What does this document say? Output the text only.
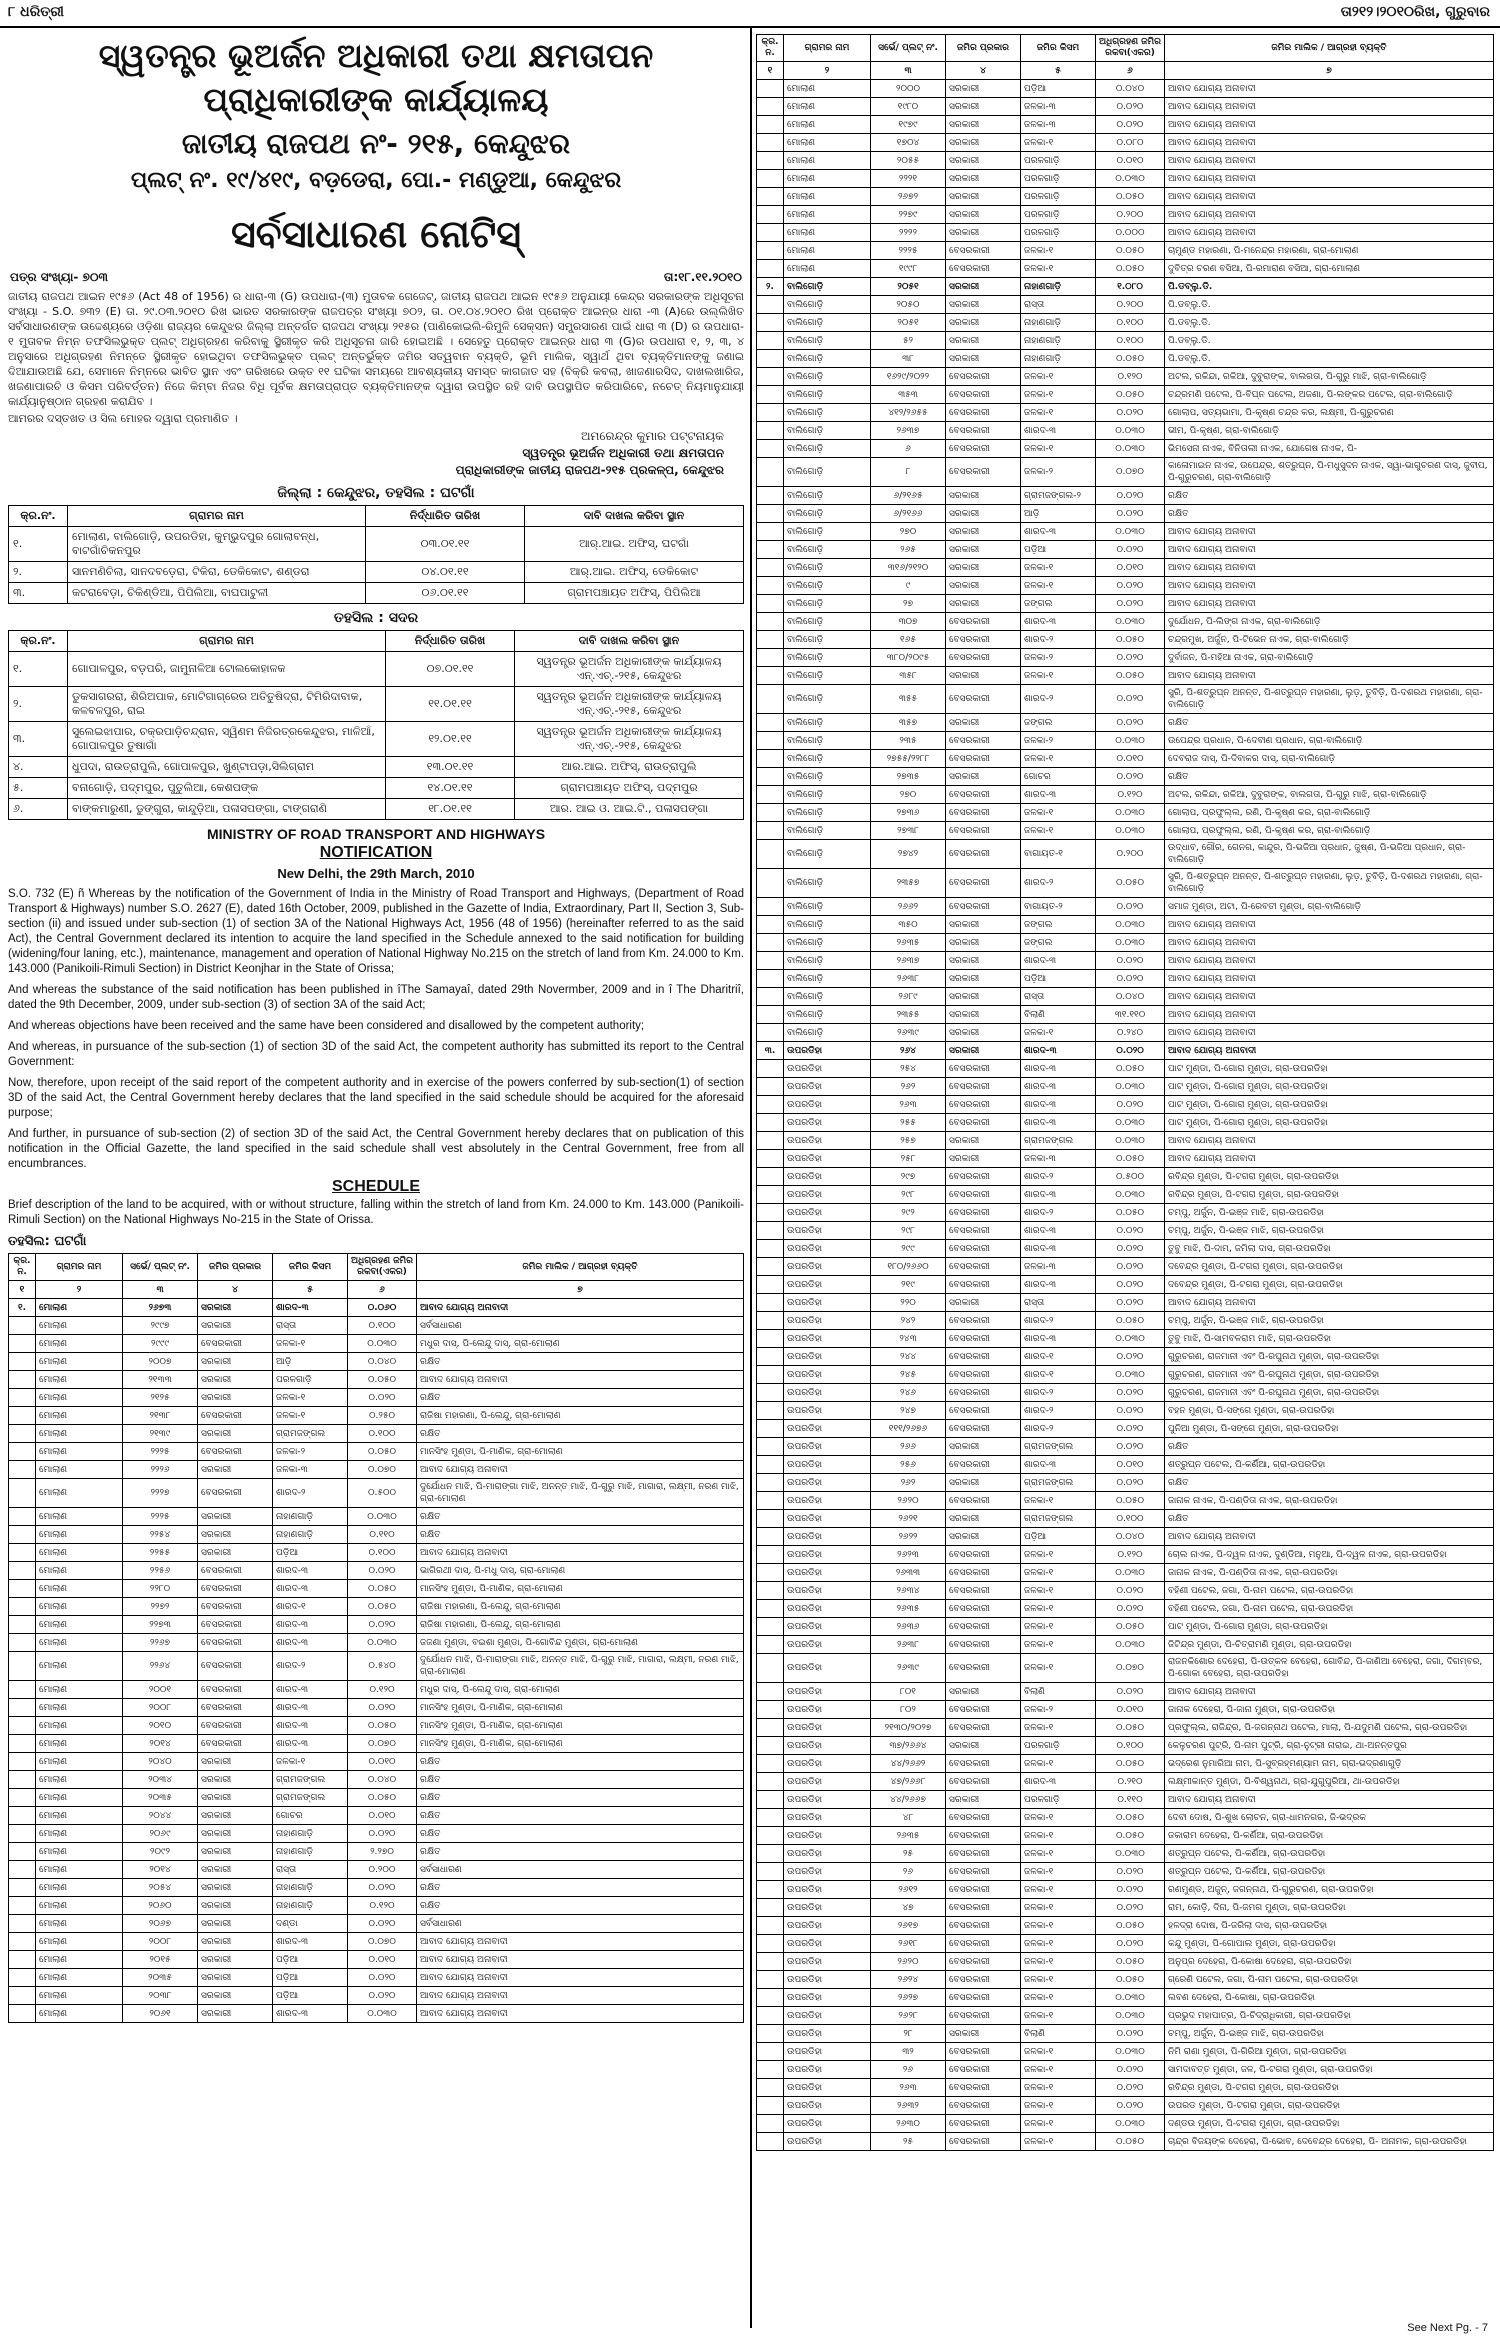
୮ ଧରିତ୍ରୀ	ତା୨୧୨।୨୦୧୦ରିଖ, ଗୁରୁବାର

ସ୍ୱତନ୍ତ୍ର ଭୂଅର୍ଜନ ଅଧିକାରୀ ତଥା କ୍ଷମତାପନ

ପ୍ରାଧିକାରୀଙ୍କ କାର୍ଯ୍ୟାଳୟ

ଜାତୀୟ ରାଜପଥ ନଂ- ୨୧୫, କେନ୍ଦୁଝର

ପ୍ଲଟ୍ ନଂ. ୧୯/୪୧୯, ବଡ଼ଡେରା, ପୋ.- ମଣ୍ଡୁଆ, କେନ୍ଦୁଝର

ସର୍ବସାଧାରଣ ନୋଟିସ୍

ପତ୍ର ସଂଖ୍ୟା- ୭୦୩	ତା:୧୮.୧୧.୨୦୧୦

ଜାତୀୟ ରାଜପଥ ଆଇନ ୧୯୫୬ (Act 48 of 1956) ର ଧାରା-୩ (G) ଉପଧାରା-(୩) ମୁତାବକ ଗେଜେଟ୍, ଜାତୀୟ ରାଜପଥ ଆଇନ ୧୯୫୬ ଅନୁଯାୟୀ କେନ୍ଦ୍ର ସରକାରଙ୍କ ଅଧିସୂଚନା ସଂଖ୍ୟା - S.O. ୭୩୨ (E) ତା. ୨୯.୦୩.୨୦୧୦ ରିଖ ଭାରତ ସରକାରଙ୍କ ରାଜପତ୍ର ସଂଖ୍ୟା ୭୦୨, ତା. ୦୧.୦୪.୨୦୧୦ ରିଖ ପ୍ରୋକ୍ତ ଆଇନ୍‌ର ଧାରା -୩ (A)ରେ ଉଲ୍ଲିଖିତ ସର୍ବସାଧାରଣଙ୍କ ଉଦ୍ଦେଶ୍ୟରେ ଓଡ଼ିଶା ରାଜ୍ୟର କେନ୍ଦୁଝର ଜିଲ୍ଲା ଅନ୍ତର୍ଗତ ରାଜପଥ ସଂଖ୍ୟା ୨୧୫ର (ପାଣିକୋଇଲି-ରିମୁଳି ସେକ୍ସନ) ସମ୍ପ୍ରସାରଣ ପାଇଁ ଧାରା ୩ (D) ର ଉପଧାରା- ୧ ମୁତାବକ ନିମ୍ନ ତଫସିଲଭୁକ୍ତ ପ୍ଲଟ୍ ଅଧିଗ୍ରହଣ କରିବାକୁ ସ୍ଥିରୀକୃତ କରି ଅଧିସୂଚନା ଜାରି ହୋଇଅଛି । ସେହେତୁ ପ୍ରୋକ୍ତ ଆଇନ୍‌ର ଧାରା ୩ (G)ର ଉପଧାରା ୧, ୨, ୩, ୪ ଅନୁସାରେ ଅଧିଗ୍ରହଣ ନିମନ୍ତେ ସ୍ଥିରୀକୃତ ହୋଇଥିବା ତଫସିଲଭୁକ୍ତ ପ୍ଲଟ୍ ଅନ୍ତର୍ଭୁକ୍ତ ଜମିର ସତ୍ୱବାନ ବ୍ୟକ୍ତି, ଭୂମି ମାଲିକ, ସ୍ୱାର୍ଥ ଥିବା ବ୍ୟକ୍ତିମାନଙ୍କୁ ଜଣାଇ ଦିଆଯାଉଅଛି ଯେ, ସେମାନେ ନିମ୍ନରେ ଭାବିତ ସ୍ଥାନ ଏବଂ ତାରିଖରେ ଉକ୍ତ ୧୧ ଘଟିକା ସମୟରେ ଆବଶ୍ୟକୀୟ ସମସ୍ତ କାଗଜାତ ସହ (ବିକ୍ରି କବଲା, ଖାଜଣାରସିଦ, ଦାଖଲଖାରିଜ, ଖଜଣାପାରଚି ଓ କିସମ ପରିବର୍ତ୍ତନ) ନିଜେ କିମ୍ବା ନିଜର ବିଧି ପୂର୍ବକ କ୍ଷମତାପ୍ରାପ୍ତ ବ୍ୟକ୍ତିମାନଙ୍କ ଦ୍ୱାରା ଉପସ୍ଥିତ ରହି ଦାବି ଉପସ୍ଥାପିତ କରିପାରିବେ, ନଚେତ୍ ନିୟମାନୁଯାୟୀ କାର୍ଯ୍ୟାନୁଷ୍ଠାନ ଗ୍ରହଣ କରାଯିବ ।

ଆମରର ଦସ୍ତଖତ ଓ ସିଲ ମୋହର ଦ୍ୱାରା ପ୍ରମାଣିତ ।

ଅମରେନ୍ଦ୍ର କୁମାର ପଟ୍ଟନାୟକ
ସ୍ୱତନ୍ତ୍ର ଭୂଅର୍ଜନ ଅଧିକାରୀ ତଥା କ୍ଷମତାପନ
ପ୍ରାଧିକାରୀଙ୍କ ଜାତୀୟ ରାଜପଥ-୨୧୫ ପ୍ରକଳ୍ପ, କେନ୍ଦୁଝର
ଜିଲ୍ଲା : କେନ୍ଦୁଝର, ତହସିଲ : ଘଟଗାଁ
କ୍ର.ନଂ.	ଗ୍ରାମର ନାମ	ନିର୍ଦ୍ଧାରିତ ତାରିଖ	ଦାବି ଦାଖଲ କରିବା ସ୍ଥାନ
୧.	ମୋଲାଣ, ବାଲିଗୋଡ଼ି, ଉପରଡିହା, କୁମ୍ଭୁଦପୁର ଗୋଲାବନ୍ଧ, ବାଟଗାଁଚିକନପୁର	୦୩.୦୧.୧୧	ଆର୍.ଆଇ. ଅଫିସ୍, ଘଟଗାଁ
୨.	ସାନମଣିଚିଲା, ସାନଦବଡ଼େରା, ଟିକିରା, ଡେକିକୋଟ, ଶଣ୍ଡରା	୦୪.୦୧.୧୧	ଆର୍.ଆଇ. ଅଫିସ୍, ଡେକିକୋଟ
୩.	କଟରାବେଡ଼ା, ଚିକିଣ୍ଡିଆ, ପିପିଲିଆ, ବାଘପାଟୁଳୀ	୦୬.୦୧.୧୧	ଗ୍ରାମପଞ୍ଚାୟତ ଅଫିସ୍, ପିପିଲିଆ
ତହସିଲ : ସଦର
କ୍ର.ନଂ.	ଗ୍ରାମର ନାମ	ନିର୍ଦ୍ଧାରିତ ତାରିଖ	ଦାବି ଦାଖଲ କରିବା ସ୍ଥାନ
୧.	ଗୋପାଳପୁର, ବଡ଼ପରି, ଜାମୁନାଳିଆ ଟୋଲକୋହାଳକ	୦୭.୦୧.୧୧	ସ୍ୱତନ୍ତ୍ର ଭୂଅର୍ଜନ ଅଧିକାରୀଙ୍କ କାର୍ଯ୍ୟାଳୟ ଏନ୍.ଏଚ୍.-୨୧୫, କେନ୍ଦୁଝର
୨.	ଡୁକସାଗରରା, ଶିରିଅପାକ, ମୋଟିଗାଗ୍ରେର ଅତିତୁଷିଦ୍ରା, ଟିମିରିଦାବାକ, କଳବଳପୁର, ରାଇ	୧୧.୦୧.୧୧	ସ୍ୱତନ୍ତ୍ର ଭୂଅର୍ଜନ ଅଧିକାରୀଙ୍କ କାର୍ଯ୍ୟାଳୟ ଏନ୍.ଏଚ୍.-୨୧୫, କେନ୍ଦୁଝର
୩.	ସୁଲେଇଝାପାର, ଚକ୍ରପାଡ଼ିଚନ୍ଦ୍ରାନ, ସ୍ୱିଣମ ନିଜିରତ୍ରକେନ୍ଦୁଝର, ମାଳିଆଁ, ଗୋପାଳପୁର ତୁଷାଗାଁ	୧୨.୦୧.୧୧	ସ୍ୱତନ୍ତ୍ର ଭୂଅର୍ଜନ ଅଧିକାରୀଙ୍କ କାର୍ଯ୍ୟାଳୟ ଏନ୍.ଏଚ୍.-୨୧୫, କେନ୍ଦୁଝର
୪.	ଧୁପଦା, ରାଉତ୍ରାପୁଲି, ଗୋପାଳପୁର, ଖୁଣ୍ଟାପଡ଼ା,ସିଲିଗ୍ରାମ	୧୩.୦୧.୧୧	ଆର.ଆଇ. ଅଫିସ୍, ରାଉତ୍ରାପୁଲି
୫.	ବନାଗୋଡ଼ି, ପଦ୍ମପୁର, ପୁତୁଲିଆ, କେଶପଙ୍କ	୧୪.୦୧.୧୧	ଗ୍ରାମପଞ୍ଚାୟତ ଅଫିସ୍, ପଦ୍ମପୁର
୬.	ବାଙ୍କମାରୁଣୀ, ଡୁଙ୍ଗୁରା, କାନ୍ଦୁଡ଼ିଆ, ପଳାସପଙ୍ଗା, ଟାଙ୍ଗରାଣି	୧୮.୦୧.୧୧	ଆର. ଆଇ ଓ. ଆଇ.ଟି., ପଳାସପଙ୍ଗା
MINISTRY OF ROAD TRANSPORT AND HIGHWAYS
NOTIFICATION
New Delhi, the 29th March, 2010

S.O. 732 (E) ñ Whereas by the notification of the Government of India in the Ministry of Road Transport and Highways, (Department of Road Transport & Highways) number S.O. 2627 (E), dated 16th October, 2009, published in the Gazette of India, Extraordinary, Part II, Section 3, Sub-section (ii) and issued under sub-section (1) of section 3A of the National Highways Act, 1956 (48 of 1956) (hereinafter referred to as the said Act), the Central Government declared its intention to acquire the land specified in the Schedule annexed to the said notification for building (widening/four laning, etc.), maintenance, management and operation of National Highway No.215 on the stretch of land from Km. 24.000 to Km. 143.000 (Panikoili-Rimuli Section) in District Keonjhar in the State of Orissa;

And whereas the substance of the said notification has been published in îThe Samayaî, dated 29th Novermber, 2009 and in î The Dharitriî, dated the 9th December, 2009, under sub-section (3) of section 3A of the said Act;

And whereas objections have been received and the same have been considered and disallowed by the competent authority;

And whereas, in pursuance of the sub-section (1) of section 3D of the said Act, the competent authority has submitted its report to the Central Government:

Now, therefore, upon receipt of the said report of the competent authority and in exercise of the powers conferred by sub-section(1) of section 3D of the said Act, the Central Government hereby declares that the land specified in the said schedule should be acquired for the aforesaid purpose;

And further, in pursuance of sub-section (2) of section 3D of the said Act, the Central Government hereby declares that on publication of this notification in the Official Gazette, the land specified in the said schedule shall vest absolutely in the Central Government, free from all encumbrances.

SCHEDULE

Brief description of the land to be acquired, with or without structure, falling within the stretch of land from Km. 24.000 to Km. 143.000 (Panikoili-Rimuli Section) on the National Highways No-215 in the State of Orissa.

ତହସିଲ: ଘଟଗାଁ
କ୍ର. ନ.	ଗ୍ରାମର ନାମ	ସର୍ଭେ/ ପ୍ଲଟ୍ ନଂ.	ଜମିର ପ୍ରକାର	ଜମିର କିସମ	ଅଧିଗ୍ରହଣ ଜମିର ରକବା(ଏକର)	ଜମିର ମାଲିକ / ଆଗ୍ରହୀ ବ୍ୟକ୍ତି
୧	୨	୩	୪	୫	୬	୭
୧.	ମୋଲାଣ	୨୬୭୩	ସରକାରୀ	ଶାରଦ-୩	୦.୦୬୦	ଆବାଦ ଯୋଗ୍ୟ ଅନାବାଦୀ
	ମୋଲାଣ	୨୯୯୭	ସରକାରୀ	ରାସ୍ତା	୦.୧୦୦	ସର୍ବସାଧାରଣ
	ମୋଲାଣ	୨୯୯୯	ବେସରକାରୀ	ଜଳକା-୧	୦.୦୩୦	ମଧୁର ଦାସ୍, ପି-ଲେନ୍ଦୁ ଦାସ୍, ଗ୍ରା-ମୋଲାଣ
	ମୋଲାଣ	୨୦୦୭	ସରକାରୀ	ଆଡ଼ି	୦.୦୪୦	ରକ୍ଷିତ
	ମୋଲାଣ	୨୧୩୩	ସରକାରୀ	ପରଳଗାଡ଼ି	୦.୦୫୦	ଆବାଦ ଯୋଗ୍ୟ ଅନାବାଦୀ
	ମୋଲାଣ	୨୧୨୫	ସରକାରୀ	ଜଳକା-୧	୦.୦୨୦	ରକ୍ଷିତ
	ମୋଲାଣ	୨୧୩୮	ବେସରକାରୀ	ଜଳକା-୧	୦.୨୫୦	ରାଜିଷା ମହାରଣା, ପି-ଲେନ୍ଦୁ, ଗ୍ରା-ମୋଲାଣ
	ମୋଲାଣ	୨୧୩୯	ସରକାରୀ	ଗ୍ରାମଜଙ୍ଗଲ	୦.୧୦୦	ରକ୍ଷିତ
	ମୋଲାଣ	୨୨୨୫	ବେସରକାରୀ	ଜଳକା-୨	୦.୦୫୦	ମାନସିଂହ ମୁଣ୍ଡା, ପି-ମାଣିକ, ଗ୍ରା-ମୋଲାଣ
	ମୋଲାଣ	୨୨୨୬	ସରକାରୀ	ଜଳକା-୩	୦.୦୭୦	ଆବାଦ ଯୋଗ୍ୟ ଅନାବାଦୀ
	ମୋଲାଣ	୨୨୨୭	ବେସରକାରୀ	ଶାରଦ-୨	୦.୫୦୦	ଦୁର୍ଯୋଧନ ମାଝି, ପି-ମାରାଙ୍ଗା ମାଝି, ଅନନ୍ତ ମାଝି, ପି-ଗୁରୁ ମାଝି, ମାଗାରା, ଲକ୍ଷ୍ମୀ, ନରଣ ମାଝି, ଗ୍ରା-ମୋଲାଣ
	ମୋଲାଣ	୨୨୨୫	ସରକାରୀ	ନାହାଣଗାଡ଼ି	୦.୦୩୦	ରକ୍ଷିତ
	ମୋଲାଣ	୨୨୫୪	ସରକାରୀ	ନାହାଣଗାଡ଼ି	୦.୧୧୦	ରକ୍ଷିତ
	ମୋଲାଣ	୨୨୫୫	ସରକାରୀ	ପଡ଼ିଆ	୦.୧୦୦	ଆବାଦ ଯୋଗ୍ୟ ଅନାବାଦୀ
	ମୋଲାଣ	୨୨୫୬	ବେସରକାରୀ	ଶାରଦ-୩	୦.୦୨୦	ଭାଗିରଥୀ ଦାସ୍, ପି-ମଧୁ ଦାସ୍, ଗ୍ରା-ମୋଲାଣ
	ମୋଲାଣ	୨୨୮୦	ବେସରକାରୀ	ଶାରଦ-୩	୦.୦୫୦	ମାନସିଂହ ମୁଣ୍ଡା, ପି-ମାଣିକ, ଗ୍ରା-ମୋଲାଣ
	ମୋଲାଣ	୨୨୭୨	ବେସରକାରୀ	ଶାରଦ-୧	୦.୦୫୦	ରାଜିଷା ମହାରଣା, ପି-ଲେନ୍ଦୁ, ଗ୍ରା-ମୋଲାଣ
	ମୋଲାଣ	୨୨୭୩	ବେସରକାରୀ	ଶାରଦ-୩	୦.୦୨୦	ରାଜିଷା ମହାରଣା, ପି-ଲେନ୍ଦୁ, ଗ୍ରା-ମୋଲାଣ
	ମୋଲାଣ	୨୨୬୭	ବେସରକାରୀ	ଶାରଦ-୩	୦.୦୩୦	ଜଜଣା ମୁଣ୍ଡା, ବଇଶା ମୁଣ୍ଡା, ପି-ଗୋବିନ୍ଦ ମୁଣ୍ଡା, ଗ୍ରା-ମୋଲାଣ
	ମୋଲାଣ	୨୨୬୪	ବେସରକାରୀ	ଶାରଦ-୨	୦.୫୪୦	ଦୁର୍ଯୋଧନ ମାଝି, ପି-ମାରାଙ୍ଗା ମାଝି, ଅନନ୍ତ ମାଝି, ପି-ଗୁରୁ ମାଝି, ମାଗାରା, ଲକ୍ଷ୍ମୀ, ନରଣ ମାଝି, ଗ୍ରା-ମୋଲାଣ
	ମୋଲାଣ	୨୦୦୧	ବେସରକାରୀ	ଶାରଦ-୩	୦.୧୨୦	ମଧୁର ଦାସ୍, ପି-ଲେନ୍ଦୁ ଦାସ୍, ଗ୍ରା-ମୋଲାଣ
	ମୋଲାଣ	୨୦୦୮	ବେସରକାରୀ	ଶାରଦ-୩	୦.୦୨୦	ମାନସିଂହ ମୁଣ୍ଡା, ପି-ମାଣିକ, ଗ୍ରା-ମୋଲାଣ
	ମୋଲାଣ	୨୦୧୦	ବେସରକାରୀ	ଶାରଦ-୩	୦.୦୫୦	ମାନସିଂହ ମୁଣ୍ଡା, ପି-ମାଣିକ, ଗ୍ରା-ମୋଲାଣ
	ମୋଲାଣ	୨୦୧୪	ବେସରକାରୀ	ଶାରଦ-୩	୦.୦୭୦	ମାନସିଂହ ମୁଣ୍ଡା, ପି-ମାଣିକ, ଗ୍ରା-ମୋଲାଣ
	ମୋଲାଣ	୨୦୪୦	ସରକାରୀ	ଜଳକା-୧	୦.୦୧୦	ରକ୍ଷିତ
	ମୋଲାଣ	୨୦୩୪	ସରକାରୀ	ଗ୍ରାମଜଙ୍ଗଲ	୦.୦୪୦	ରକ୍ଷିତ
	ମୋଲାଣ	୨୦୩୫	ସରକାରୀ	ଗ୍ରାମଜଙ୍ଗଲ	୦.୦୫୦	ରକ୍ଷିତ
	ମୋଲାଣ	୨୦୪୪	ସରକାରୀ	ଗୋଚର	୦.୦୧୦	ରକ୍ଷିତ
	ମୋଲାଣ	୨୦୬୯	ସରକାରୀ	ନାହାଣଗାଡ଼ି	୦.୦୨୦	ରକ୍ଷିତ
	ମୋଲାଣ	୨୦୯୨	ସରକାରୀ	ନାହାଣଗାଡ଼ି	୨.୨୭୦	ରକ୍ଷିତ
	ମୋଲାଣ	୨୦୧୪	ସରକାରୀ	ରାସ୍ତା	୦.୨୦୦	ସର୍ବସାଧାରଣ
	ମୋଲାଣ	୨୦୫୪	ସରକାରୀ	ନାହାଣଗାଡ଼ି	୦.୦୨୦	ରକ୍ଷିତ
	ମୋଲାଣ	୨୦୬୦	ସରକାରୀ	ନାହାଣଗାଡ଼ି	୦.୧୨୦	ରକ୍ଷିତ
	ମୋଲାଣ	୨୦୬୭	ସରକାରୀ	ଦଣ୍ଡା	୦.୦୨୦	ସର୍ବସାଧାରଣ
	ମୋଲାଣ	୨୦୦୮	ସରକାରୀ	ଶାରଦ-୩	୦.୦୭୦	ଆବାଦ ଯୋଗ୍ୟ ଅନାବାଦୀ
	ମୋଲାଣ	୨୦୧୫	ସରକାରୀ	ପଡ଼ିଆ	୦.୦୧୦	ଆବାଦ ଯୋଗ୍ୟ ଅନାବାଦୀ
	ମୋଲାଣ	୨୦୩୫	ସରକାରୀ	ପଡ଼ିଆ	୦.୦୨୦	ଆବାଦ ଯୋଗ୍ୟ ଅନାବାଦୀ
	ମୋଲାଣ	୨୦୩୮	ସରକାରୀ	ପଡ଼ିଆ	୦.୦୨୦	ଆବାଦ ଯୋଗ୍ୟ ଅନାବାଦୀ
	ମୋଲାଣ	୨୦୬୧	ସରକାରୀ	ଶାରଦ-୩	୦.୦୩୦	ଆବାଦ ଯୋଗ୍ୟ ଅନାବାଦୀ
କ୍ର. ନ.	ଗ୍ରାମର ନାମ	ସର୍ଭେ/ ପ୍ଲଟ୍ ନଂ.	ଜମିର ପ୍ରକାର	ଜମିର କିସମ	ଅଧିଗ୍ରହଣ ଜମିର ରକବା(ଏକର)	ଜମିର ମାଲିକ / ଆଗ୍ରହୀ ବ୍ୟକ୍ତି
୧	୨	୩	୪	୫	୬	୭
	ମୋଲାଣ	୨୦୦୦	ସରକାରୀ	ପଡ଼ିଆ	୦.୦୪୦	ଆବାଦ ଯୋଗ୍ୟ ଅନାବାଦୀ
	ମୋଲାଣ	୧୯୮୦	ସରକାରୀ	ଜଳକା-୩	୦.୦୨୦	ଆବାଦ ଯୋଗ୍ୟ ଅନାବାଦୀ
	ମୋଲାଣ	୧୯୭୯	ସରକାରୀ	ଜଳକା-୩	୦.୦୨୦	ଆବାଦ ଯୋଗ୍ୟ ଅନାବାଦୀ
	ମୋଲାଣ	୧୭୦୪	ସରକାରୀ	ଜଳକା-୧	୦.୦୮୦	ଆବାଦ ଯୋଗ୍ୟ ଅନାବାଦୀ
	ମୋଲାଣ	୨୦୫୫	ସରକାରୀ	ପରଳଗାଡ଼ି	୦.୦୧୦	ଆବାଦ ଯୋଗ୍ୟ ଅନାବାଦୀ
	ମୋଲାଣ	୨୨୨୧	ସରକାରୀ	ପରଳଗାଡ଼ି	୦.୦୩୦	ଆବାଦ ଯୋଗ୍ୟ ଅନାବାଦୀ
	ମୋଲାଣ	୨୬୭୨	ସରକାରୀ	ପରଳଗାଡ଼ି	୦.୦୫୦	ଆବାଦ ଯୋଗ୍ୟ ଅନାବାଦୀ
	ମୋଲାଣ	୨୨୭୯	ସରକାରୀ	ପରଳଗାଡ଼ି	୦.୨୦୦	ଆବାଦ ଯୋଗ୍ୟ ଅନାବାଦୀ
	ମୋଲାଣ	୨୨୨୨	ସରକାରୀ	ପରଳଗାଡ଼ି	୦.୦୦୦	ଆବାଦ ଯୋଗ୍ୟ ଅନାବାଦୀ
	ମୋଲାଣ	୨୨୨୫	ବେସରକାରୀ	ଜଳକା-୧	୦.୦୫୦	ଚାମୁଣ୍ଡ ମହାରଣା, ପି-ମନେନ୍ଦ୍ର ମହାରଣା, ଗ୍ରା-ମୋଲାଣ
	ମୋଲାଣ	୧୯୯୮	ବେସରକାରୀ	ଜଳକା-୧	୦.୦୫୦	ଦୁବିତ୍ର ଚରଣ ବସିଆ, ପି-ରମାରାଣ ବସିଆ, ଗ୍ରା-ମୋଲାଣ
୨.	ବାଲିଗୋଡ଼ି	୨୦୫୧	ସରକାରୀ	ନାହାଣଗାଡ଼ି	୧.୦୮୦	ପି.ଡବ୍ଲୁ.ଡି.
	ବାଲିଗୋଡ଼ି	୨୦୫୦	ସରକାରୀ	ରାସ୍ତା	୦.୨୦୦	ପି.ଡବ୍ଲୁ.ଡି.
	ବାଲିଗୋଡ଼ି	୨୦୫୧	ସରକାରୀ	ନାହାଣଗାଡ଼ି	୦.୧୦୦	ପି.ଡବ୍ଲୁ.ଡି.
	ବାଲିଗୋଡ଼ି	୫୨	ସରକାରୀ	ନାହାଣଗାଡ଼ି	୦.୧୦୦	ପି.ଡବ୍ଲୁ.ଡି.
	ବାଲିଗୋଡ଼ି	୩୮	ସରକାରୀ	ନାହାଣଗାଡ଼ି	୦.୦୫୦	ପି.ଡବ୍ଲୁ.ଡି.
	ବାଲିଗୋଡ଼ି	୧୬୨୯/୨୦୨୨	ବେସରକାରୀ	ଜଳକା-୧	୦.୧୨୦	ଅଟଲ, ରକିନ୍ଦା, ରକିଆ, ଦୁବୁରାଙ୍କ, ବାଲଗତା, ପି-ଗୁରୁ ମାଝି, ଗ୍ରା-ବାଲିଗୋଡ଼ି
	ବାଲିଗୋଡ଼ି	୩୫୩	ବେସରକାରୀ	ଜଳକା-୧	୦.୦୫୦	ଚନ୍ଦ୍ରମଣି ପଟେଲ, ପି-ବିଘ୍ନ ପଟେଲ, ଅଜଣା, ପି-ଲଙ୍କର ପଟେଲ, ଗ୍ରା-ବାଲିଗୋଡ଼ି
	ବାଲିଗୋଡ଼ି	୪୧୨/୨୬୫୫	ବେସରକାରୀ	ଜଳକା-୧	୦.୦୨୦	ଗୋଲାପ, ସତ୍ୟଭାମା, ପି-କୃଷ୍ଣ ଚନ୍ଦ୍ର କର, ଲକ୍ଷ୍ମୀ, ପି-ଗୁରୁଚରଣ
	ବାଲିଗୋଡ଼ି	୨୬୩୭	ବେସରକାରୀ	ଶାରଦ-୩	୦.୦୩୦	ଭୀମ, ପି-କୃଷ୍ଣ, ଗ୍ରା-ବାଲିଗୋଡ଼ି
	ବାଲିଗୋଡ଼ି	୬	ବେସରକାରୀ	ଜଳକା-୧	୦.୦୩୦	ଭିମସେନା ନାଏକ, ବିନିତାଲୀ ନାଏକ, ଯୋଗେଷ ନାଏକ, ପି-
	ବାଲିଗୋଡ଼ି	୮	ବେସରକାରୀ	ଜଳକା-୨	୦.୦୭୦	କାଳୋମାଇନ ନାଏକ, ଉପେନ୍ଦ୍ର, ଶତ୍ରୁଘ୍ନ, ପି-ମଧୁସୁଦନ ନାଏକ, ସ୍ୱା-ଭାଗୁଚରଣ ଦାସ୍, ଜୁବୀପ, ପି-ଗୁରୁଚରଣ, ଗ୍ରା-ବାଲିଗୋଡ଼ି
	ବାଲିଗୋଡ଼ି	୬/୨୧୬୫	ସରକାରୀ	ଗ୍ରାମଜଙ୍ଗଲ-୨	୦.୦୨୦	ରକ୍ଷିତ
	ବାଲିଗୋଡ଼ି	୬/୨୧୬୬	ସରକାରୀ	ଆଡ଼ି	୦.୦୨୦	ରକ୍ଷିତ
	ବାଲିଗୋଡ଼ି	୨୭୦	ସରକାରୀ	ଶାରଦ-୩	୦.୦୩୦	ଆବାଦ ଯୋଗ୍ୟ ଅନାବାଦୀ
	ବାଲିଗୋଡ଼ି	୨୬୫	ସରକାରୀ	ପଡ଼ିଆ	୦.୦୨୦	ଆବାଦ ଯୋଗ୍ୟ ଅନାବାଦୀ
	ବାଲିଗୋଡ଼ି	୩୧୬/୨୧୨୦	ସରକାରୀ	ଜଳକା-୧	୦.୦୧୦	ଆବାଦ ଯୋଗ୍ୟ ଅନାବାଦୀ
	ବାଲିଗୋଡ଼ି	୯	ସରକାରୀ	ଜଳକା-୧	୦.୦୨୦	ଆବାଦ ଯୋଗ୍ୟ ଅନାବାଦୀ
	ବାଲିଗୋଡ଼ି	୨୭	ସରକାରୀ	ଜଙ୍ଗଲ	୦.୦୨୦	ଆବାଦ ଯୋଗ୍ୟ ଅନାବାଦୀ
	ବାଲିଗୋଡ଼ି	୩୦୭	ବେସରକାରୀ	ଶାରଦ-୩	୦.୦୩୦	ଦୁର୍ଯୋଧନ, ପି-ଲିଙ୍ଗ ନାଏକ, ଗ୍ରା-ବାଲିଗୋଡ଼ି
	ବାଲିଗୋଡ଼ି	୧୬୫	ବେସରକାରୀ	ଶାରଦ-୨	୦.୦୫୦	ଚନ୍ଦ୍ରମୁଖ, ଅର୍ଜୁନ, ପି-ଟିଭେନ ନାଏକ, ଗ୍ରା-ବାଲିଗୋଡ଼ି
	ବାଲିଗୋଡ଼ି	୩୮୦/୨୦୯୫	ବେସରକାରୀ	ଜଳକା-୨	୦.୦୨୦	ଦୁର୍ବାଜନ, ପି-ମହିଆ ନାଏକ, ଗ୍ରା-ବାଲିଗୋଡ଼ି
	ବାଲିଗୋଡ଼ି	୩୫୮	ସରକାରୀ	ଜଳକା-୧	୦.୦୫୦	ଆବାଦ ଯୋଗ୍ୟ ଅନାବାଦୀ
	ବାଲିଗୋଡ଼ି	୩୫୫	ବେସରକାରୀ	ଶାରଦ-୨	୦.୦୨୦	ସୁରି, ପି-ଶତ୍ରୁଘ୍ନ ଅନନ୍ତ, ପି-ଶତ୍ରୁଘ୍ନ ମହାରଣା, ଲୁଡ଼, ତୁବିଡ଼ି, ପି-ଦଶରଥ ମହାରଣା, ଗ୍ରା-ବାଲିଗୋଡ଼ି
	ବାଲିଗୋଡ଼ି	୩୫୭	ସରକାରୀ	ଜଙ୍ଗଲ	୦.୦୨୦	ରକ୍ଷିତ
	ବାଲିଗୋଡ଼ି	୨୩୫	ବେସରକାରୀ	ଜଳକା-୨	୦.୦୩୦	ଉପେନ୍ଦ୍ର ପ୍ରଧାନ, ପି-ଦେବୀଣ ପ୍ରଧାନ, ଗ୍ରା-ବାଲିଗୋଡ଼ି
	ବାଲିଗୋଡ଼ି	୨୭୫୫/୨୨୮୮	ବେସରକାରୀ	ଜଳକା-୧	୦.୦୧୦	ଦେବରାଜ ଦାସ୍, ପି-ଦିବାକର ଦାସ୍, ଗ୍ରା-ବାଲିଗୋଡ଼ି
	ବାଲିଗୋଡ଼ି	୨୭୩୫	ସରକାରୀ	ଗୋଚର	୦.୦୨୦	ରକ୍ଷିତ
	ବାଲିଗୋଡ଼ି	୨୭୦	ବେସରକାରୀ	ଶାରଦ-୩	୦.୧୨୦	ଅଟଲ, ରକିନ୍ଦା, ରକିଆ, ଦୁବୁରାଙ୍କ, ବାଲଗତା, ପି-ଗୁରୁ ମାଝି, ଗ୍ରା-ବାଲିଗୋଡ଼ି
	ବାଲିଗୋଡ଼ି	୨୭୩୬	ବେସରକାରୀ	ଜଳକା-୧	୦.୦୩୦	ଗୋଲାପ, ପ୍ରଫୁଲ୍ଲ, ରଣି, ପି-କୃଷ୍ଣ କର, ଗ୍ରା-ବାଲିଗୋଡ଼ି
	ବାଲିଗୋଡ଼ି	୨୭୩୮	ବେସରକାରୀ	ଜଳକା-୧	୦.୦୩୦	ଗୋଲାପ, ପ୍ରଫୁଲ୍ଲ, ରଣି, ପି-କୃଷ୍ଣ କର, ଗ୍ରା-ବାଲିଗୋଡ଼ି
	ବାଲିଗୋଡ଼ି	୨୭୪୨	ବେସରକାରୀ	ବାଗାୟତ-୧	୦.୨୦୦	ଉଦ୍ଧାବ, ଗୌର, ଗେନଗ, କାନ୍ଦୁର, ପି-ଭଜିଆ ପ୍ରଧାନ, ଜୁଷ୍ଣ, ପି-ଭଜିଆ ପ୍ରଧାନ, ଗ୍ରା-ବାଲିଗୋଡ଼ି
	ବାଲିଗୋଡ଼ି	୨୩୫୭	ବେସରକାରୀ	ଶାରଦ-୨	୦.୦୫୦	ସୁରି, ପି-ଶତ୍ରୁଘ୍ନ ଅନନ୍ତ, ପି-ଶତ୍ରୁଘ୍ନ ମହାରଣା, ଲୁଡ଼, ତୁବିଡ଼ି, ପି-ଦଶରଥ ମହାରଣା, ଗ୍ରା-ବାଲିଗୋଡ଼ି
	ବାଲିଗୋଡ଼ି	୨୬୬୨	ବେସରକାରୀ	ବାଗାୟତ-୨	୦.୦୨୦	ସମାଜ ମୁଣ୍ଡା, ଅଟା, ପି-ରେବତୀ ମୁଣ୍ଡା, ଗ୍ରା-ବାଲିଗୋଡ଼ି
	ବାଲିଗୋଡ଼ି	୩୫୦	ସରକାରୀ	ଜଙ୍ଗଲ	୦.୦୩୦	ଆବାଦ ଯୋଗ୍ୟ ଅନାବାଦୀ
	ବାଲିଗୋଡ଼ି	୨୬୩୫	ସରକାରୀ	ଜଙ୍ଗଲ	୦.୦୩୦	ଆବାଦ ଯୋଗ୍ୟ ଅନାବାଦୀ
	ବାଲିଗୋଡ଼ି	୨୬୩୭	ସରକାରୀ	ଶାରଦ-୩	୦.୦୨୦	ଆବାଦ ଯୋଗ୍ୟ ଅନାବାଦୀ
	ବାଲିଗୋଡ଼ି	୨୬୩୮	ସରକାରୀ	ପଡ଼ିଆ	୦.୦୨୦	ଆବାଦ ଯୋଗ୍ୟ ଅନାବାଦୀ
	ବାଲିଗୋଡ଼ି	୨୬୮୯	ସରକାରୀ	ରାସ୍ତା	୦.୦୪୦	ଆବାଦ ଯୋଗ୍ୟ ଅନାବାଦୀ
	ବାଲିଗୋଡ଼ି	୨୩୫୫	ସରକାରୀ	ବିଲାଣି	୩୧.୧୧୦	ଆବାଦ ଯୋଗ୍ୟ ଅନାବାଦୀ
	ବାଲିଗୋଡ଼ି	୨୬୩୯	ସରକାରୀ	ଜଳକା-୧	୦.୨୪୦	ଆବାଦ ଯୋଗ୍ୟ ଅନାବାଦୀ
୩.	ଉପରଡିହା	୨୬୪	ସରକାରୀ	ଶାରଦ-୩	୦.୦୨୦	ଆବାଦ ଯୋଗ୍ୟ ଅନାବାଦୀ
	ଉପରଡିହା	୨୫୪	ବେସରକାରୀ	ଶାରଦ-୩	୦.୦୫୦	ପାଟ ମୁଣ୍ଡା, ପି-ଗୋରା ମୁଣ୍ଡା, ଗ୍ରା-ଉପରଡିହା
	ଉପରଡିହା	୨୬୨	ବେସରକାରୀ	ଶାରଦ-୩	୦.୦୩୦	ପାଟ ମୁଣ୍ଡା, ପି-ଗୋରା ମୁଣ୍ଡା, ଗ୍ରା-ଉପରଡିହା
	ଉପରଡିହା	୨୬୩	ବେସରକାରୀ	ଶାରଦ-୩	୦.୦୨୦	ପାଟ ମୁଣ୍ଡା, ପି-ଗୋରା ମୁଣ୍ଡା, ଗ୍ରା-ଉପରଡିହା
	ଉପରଡିହା	୨୫୫	ବେସରକାରୀ	ଶାରଦ-୩	୦.୦୩୦	ପାଟ ମୁଣ୍ଡା, ପି-ଗୋରା ମୁଣ୍ଡା, ଗ୍ରା-ଉପରଡିହା
	ଉପରଡିହା	୨୫୭	ସରକାରୀ	ଗ୍ରାମଜଙ୍ଗଲ	୦.୦୩୦	ଆବାଦ ଯୋଗ୍ୟ ଅନାବାଦୀ
	ଉପରଡିହା	୨୫୮	ସରକାରୀ	ଜଳକା-୩	୦.୦୫୦	ଆବାଦ ଯୋଗ୍ୟ ଅନାବାଦୀ
	ଉପରଡିହା	୨୯୭	ବେସରକାରୀ	ଶାରଦ-୨	୦.୫୦୦	ରବିନ୍ଦ୍ର ମୁଣ୍ଡା, ପି-ଟଗରା ମୁଣ୍ଡା, ଗ୍ରା-ଉପରଡିହା
	ଉପରଡିହା	୨୯୮	ବେସରକାରୀ	ଶାରଦ-୩	୦.୦୩୦	ରବିନ୍ଦ୍ର ମୁଣ୍ଡା, ପି-ଟଗରା ମୁଣ୍ଡା, ଗ୍ରା-ଉପରଡିହା
	ଉପରଡିହା	୨୯୨	ବେସରକାରୀ	ଶାରଦ-୨	୦.୦୫୦	ଚମ୍ପୁ, ଅର୍ଜୁନ, ପି-ଇଞ୍ଜ ମାଝି, ଗ୍ରା-ଉପରଡିହା
	ଉପରଡିହା	୨୯୮	ବେସରକାରୀ	ଶାରଦ-୩	୦.୦୨୦	ଚମ୍ପୁ, ଅର୍ଜୁନ, ପି-ଇଞ୍ଜ ମାଝି, ଗ୍ରା-ଉପରଡିହା
	ଉପରଡିହା	୨୯୯	ବେସରକାରୀ	ଶାରଦ-୩	୦.୦୨୦	ତୁବୁ ମାଝି, ପି-ଦାମ, ଜମିଲା ଦାସ, ଗ୍ରା-ଉପରଡିହା
	ଉପରଡିହା	୧୮୦/୨୬୬୦	ବେସରକାରୀ	ଜଳକା-୩	୦.୦୨୦	ଦବେନ୍ଦ୍ର ମୁଣ୍ଡା, ପି-ଟଗରା ମୁଣ୍ଡା, ଗ୍ରା-ଉପରଡିହା
	ଉପରଡିହା	୨୧୯	ବେସରକାରୀ	ଶାରଦ-୩	୦.୦୨୦	ଦବେନ୍ଦ୍ର ମୁଣ୍ଡା, ପି-ଟଗରା ମୁଣ୍ଡା, ଗ୍ରା-ଉପରଡିହା
	ଉପରଡିହା	୨୨୦	ସରକାରୀ	ରାସ୍ତା	୦.୦୨୦	ଆବାଦ ଯୋଗ୍ୟ ଅନାବାଦୀ
	ଉପରଡିହା	୨୪୨	ବେସରକାରୀ	ଶାରଦ-୨	୦.୦୫୦	ଚମ୍ପୁ, ଅର୍ଜୁନ, ପି-ଇଞ୍ଜ ମାଝି, ଗ୍ରା-ଉପରଡିହା
	ଉପରଡିହା	୨୪୩	ବେସରକାରୀ	ଶାରଦ-୩	୦.୦୩୦	ତୁବୁ ମାଝି, ପି-ସାମବଳରାମ ମାଝି, ଗ୍ରା-ଉପରଡିହା
	ଉପରଡିହା	୨୪୪	ବେସରକାରୀ	ଶାରଦ-୧	୦.୦୨୦	ଗୁରୁଚରଣ, ରାଜମାନୀ ଏବଂ ପି-ରଘୁନାଥ ମୁଣ୍ଡା, ଗ୍ରା-ଉପରଡିହା
	ଉପରଡିହା	୨୪୫	ବେସରକାରୀ	ଶାରଦ-୧	୦.୦୩୦	ଗୁରୁଚରଣ, ରାଜମାନୀ ଏବଂ ପି-ରଘୁନାଥ ମୁଣ୍ଡା, ଗ୍ରା-ଉପରଡିହା
	ଉପରଡିହା	୨୪୬	ବେସରକାରୀ	ଶାରଦ-୨	୦.୦୨୦	ଗୁରୁଚରଣ, ରାଜମାନୀ ଏବଂ ପି-ରଘୁନାଥ ମୁଣ୍ଡା, ଗ୍ରା-ଉପରଡିହା
	ଉପରଡିହା	୨୪୭	ବେସରକାରୀ	ଶାରଦ-୨	୦.୦୨୦	ବହନ ମୁଣ୍ଡା, ପି-ସଙ୍ଗେ ମୁଣ୍ଡା, ଗ୍ରା-ଉପରଡିହା
	ଉପରଡିହା	୧୧୧/୨୬୭୬	ବେସରକାରୀ	ଶାରଦ-୨	୦.୦୨୦	ପୁନିଆ ମୁଣ୍ଡା, ପି-ସଙ୍ଗେ ମୁଣ୍ଡା, ଗ୍ରା-ଉପରଡିହା
	ଉପରଡିହା	୨୬୬	ସରକାରୀ	ଗ୍ରାମଜଙ୍ଗଲ	୦.୦୨୦	ରକ୍ଷିତ
	ଉପରଡିହା	୨୫୬	ବେସରକାରୀ	ଶାରଦ-୩	୦.୦୧୦	ଶତ୍ରୁଘ୍ନ ପଟେଲ, ପି-କର୍ଣିଆ, ଗ୍ରା-ଉପରଡିହା
	ଉପରଡିହା	୨୬୨	ସରକାରୀ	ଗ୍ରାମଜଙ୍ଗଲ	୦.୦୨୦	ରକ୍ଷିତ
	ଉପରଡିହା	୨୬୨୦	ବେସରକାରୀ	ଜଳକା-୧	୦.୦୫୦	ଜାନାକ ନାଏକ, ପି-ପଣ୍ଡିତା ନାଏକ, ଗ୍ରା-ଉପରଡିହା
	ଉପରଡିହା	୨୬୨୧	ସରକାରୀ	ଗ୍ରାମଜଙ୍ଗଲ	୦.୧୦୦	ରକ୍ଷିତ
	ଉପରଡିହା	୨୬୨୨	ସରକାରୀ	ପଡ଼ିଆ	୦.୦୪୦	ଆବାଦ ଯୋଗ୍ୟ ଅନାବାଦୀ
	ଉପରଡିହା	୨୬୨୩	ବେସରକାରୀ	ଜଳକା-୧	୦.୧୨୦	ଚୋଲ ନାଏକ, ପି-ଦ୍ୱଳ ନାଏକ, ଦୁଣ୍ଡିଆ, ମନୁଆ, ପି-ଦ୍ୱଳ ନାଏକ, ଗ୍ରା-ଉପରଡିହା
	ଉପରଡିହା	୨୬୩୩	ବେସରକାରୀ	ଜଳକା-୧	୦.୦୩୦	ଜାନାକ ନାଏକ, ପି-ପଣ୍ଡିତା ନାଏକ, ଗ୍ରା-ଉପରଡିହା
	ଉପରଡିହା	୨୬୩୪	ବେସରକାରୀ	ଜଳକା-୧	୦.୦୨୦	ବହିଣୀ ପଟେଲ, ଜଗା, ପି-ନାମ ପଟେଲ, ଗ୍ରା-ଉପରଡିହା
	ଉପରଡିହା	୨୬୩୫	ବେସରକାରୀ	ଜଳକା-୧	୦.୦୨୦	ବହିଣୀ ପଟେଲ, ଜଗା, ପି-ନାମ ପଟେଲ, ଗ୍ରା-ଉପରଡିହା
	ଉପରଡିହା	୨୬୩୬	ବେସରକାରୀ	ଜଳକା-୧	୦.୦୫୦	ପାଟ ମୁଣ୍ଡା, ପି-ଗୋରା ମୁଣ୍ଡା, ଗ୍ରା-ଉପରଡିହା
	ଉପରଡିହା	୨୬୩୮	ବେସରକାରୀ	ଜଳକା-୧	୦.୦୩୦	ଜିଟିନ୍ଦ୍ର ମୁଣ୍ଡା, ପି-ଚିତ୍ରାମଣି ମୁଣ୍ଡା, ଗ୍ରା-ଉପରଡିହା
	ଉପରଡିହା	୨୬୩୯	ବେସରକାରୀ	ଜଳକା-୧	୦.୦୭୦	ରାଜନକିଶୋର ଦେହେରା, ପି-ଉତ୍କଳ ବେହେରା, ଗୋବିନ୍ଦ, ପି-ଜାଣିଆ ବେହେରା, ଜଗା, ଦିଗମ୍ବର, ପି-ଗୋକା ବେହେରା, ଗ୍ରା-ଉପରଡିହା
	ଉପରଡିହା	୮୦୧	ସରକାରୀ	ବିଲାଣି	୦.୦୨୦	ଆବାଦ ଯୋଗ୍ୟ ଅନାବାଦୀ
	ଉପରଡିହା	୮୦୨	ବେସରକାରୀ	ଜଳକା-୨	୦.୦୧୦	ଜାନାକ ଦେହେରା, ପି-ଜାନା ମୁଣ୍ଡା, ଗ୍ରା-ଉପରଡିହା
	ଉପରଡିହା	୨୧୩୦/୨୦୨୭	ବେସରକାରୀ	ଜଳକା-୧	୦.୦୫୦	ପ୍ରଫୁଲ୍ଲ, ରାଜିନ୍ଦ୍ର, ପି-ଜଗନ୍ନାଥ ପଟେଲ, ମାଲା, ପି-ଯଦୁମଣି ପଟେଲ, ଗ୍ରା-ଉପରଡିହା
	ଉପରଡିହା	୩୭/୨୬୬୪	ସରକାରୀ	ପରଳଗାଡ଼ି	୦.୧୦୦	କେଳୁଚରଣ ପୁଟ୍ରି, ପି-ନାମ ପୁଟ୍ରି, ଗ୍ରା-ନୁଟ୍ରୀ ନାରାଇ, ଥା-ଅନନ୍ତପୁର
	ଉପରଡିହା	୪୪/୨୬୬୨	ବେସରକାରୀ	ଜଳକା-୧	୦.୦୫୦	ଭଦ୍ରେଶ ନୁମାରିଆ ନାମ, ପି-ସୁବ୍ରହ୍ମଣ୍ୟାମ ନାମ, ଗ୍ରା-ଭଦ୍ରଣାଗୁଡ଼ି
	ଉପରଡିହା	୪୭/୨୬୬୮	ବେସରକାରୀ	ଶାରଦ-୩	୦.୨୧୦	ଲକ୍ଷ୍ମୀକାନ୍ତ ମୁଣ୍ଡା, ପି-ବିଶ୍ୱନାଥ, ଗ୍ରା-ଯୁଗୁପୁରିଆ, ଥା-ଉପରଡିହା
	ଉପରଡିହା	୪୪/୨୬୬୭	ସରକାରୀ	ପରଳଗାଡ଼ି	୦.୧୧୦	ଆବାଦ ଯୋଗ୍ୟ ଅନାବାଦୀ
	ଉପରଡିହା	୪୮	ବେସରକାରୀ	ଜଳକା-୧	୦.୦୫୦	ଦେବୀ ଦୋଷ, ପି-ଶୁଖ ଲୋଚନ, ଗ୍ରା-ଧାମନଗର, ଜି-ଭଦ୍ରକ
	ଉପରଡିହା	୨୬୩୫	ବେସରକାରୀ	ଜଳକା-୧	୦.୦୫୦	ଜକାରାମ ଦେହେରା, ପି-କର୍ଣିଆ, ଗ୍ରା-ଉପରଡିହା
	ଉପରଡିହା	୨୫	ବେସରକାରୀ	ଜଳକା-୧	୦.୦୩୦	ଶତ୍ରୁଘ୍ନ ପଟେଲ, ପି-କର୍ଣିଆ, ଗ୍ରା-ଉପରଡିହା
	ଉପରଡିହା	୨୬	ବେସରକାରୀ	ଜଳକା-୧	୦.୦୨୦	ଶତ୍ରୁଘ୍ନ ପଟେଲ, ପି-କର୍ଣିଆ, ଗ୍ରା-ଉପରଡିହା
	ଉପରଡିହା	୨୬୧୨	ବେସରକାରୀ	ଜଳକା-୧	୦.୦୨୦	ରଣମୁଣ୍ଡ, ଅଜୁନ୍, ଜଗନ୍ନାଥ, ପି-ଗୁରୁଚରଣ, ଗ୍ରା-ଉପରଡିହା
	ଉପରଡିହା	୪୭	ବେସରକାରୀ	ଜଳକା-୧	୦.୦୨୦	ରାମ, କୋଡ଼ି, ଦିନା, ପି-ଜମଗ ମୁଣ୍ଡା, ଗ୍ରା-ଉପରଡିହା
	ଉପରଡିହା	୨୬୧୭	ବେସରକାରୀ	ଜଳକା-୧	୦.୦୫୦	ହଳଦ୍ରା ଦୋଷ, ପି-ଜରିଲା ଦାସ, ଗ୍ରା-ଉପରଡିହା
	ଉପରଡିହା	୨୬୧୮	ବେସରକାରୀ	ଜଳକା-୧	୦.୦୨୦	କନ୍ଦୁ ମୁଣ୍ଡା, ପି-ଗୋପାଲ ମୁଣ୍ଡା, ଗ୍ରା-ଉପରଡିହା
	ଉପରଡିହା	୨୬୨୦	ବେସରକାରୀ	ଜଳକା-୧	୦.୦୫୦	ଅନୁପ୍ର ଦେହେରା, ପି-କୋଷା ଦେହେରା, ଗ୍ରା-ଉପରଡିହା
	ଉପରଡିହା	୨୬୨୪	ବେସରକାରୀ	ଜଳକା-୧	୦.୦୫୦	ଗ୍ରେଣି ପଟେଲ, ଜଗା, ପି-ନାମ ପଟେଲ, ଗ୍ରା-ଉପରଡିହା
	ଉପରଡିହା	୨୬୨୭	ବେସରକାରୀ	ଜଳକା-୧	୦.୦୩୦	ଲବଣ ଦେହେରା, ପି-କୋଷା, ଗ୍ରା-ଉପରଡିହା
	ଉପରଡିହା	୨୬୨୮	ବେସରକାରୀ	ଜଳକା-୧	୦.୦୩୦	ପ୍ରଭୁଦ ମହାପାତ୍ର, ପି-ଚିଦ୍ରାଧିକାରୀ, ଗ୍ରା-ଉପରଡିହା
	ଉପରଡିହା	୨୮	ସରକାରୀ	ବିଲାଣି	୦.୦୨୦	ଚମ୍ପୁ, ଅର୍ଜୁନ, ପି-ଇଞ୍ଜ ମାଝି, ଗ୍ରା-ଉପରଡିହା
	ଉପରଡିହା	୩୨	ବେସରକାରୀ	ଜଳକା-୧	୦.୦୩୦	ନିମି ରାଣା ମୁଣ୍ଡା, ପି-ଗିରିଆ ମୁଣ୍ଡା, ଗ୍ରା-ଉପରଡିହା
	ଉପରଡିହା	୨୬	ବେସରକାରୀ	ଜଳକା-୧	୦.୦୨୦	ସାମଦାବତ୍ତ ମୁଣ୍ଡା, ଜଳ, ପି-ଟଗରା ମୁଣ୍ଡା, ଗ୍ରା-ଉପରଡିହା
	ଉପରଡିହା	୨୬୩	ବେସରକାରୀ	ଜଳକା-୧	୦.୦୨୦	ରବିନ୍ଦ୍ର ମୁଣ୍ଡା, ପି-ଟଗରା ମୁଣ୍ଡା, ଗ୍ରା-ଉପରଡିହା
	ଉପରଡିହା	୨୬୩୨	ବେସରକାରୀ	ଜଳକା-୧	୦.୦୨୦	ଉପରଡ ମୁଣ୍ଡା, ପି-ଟଗରା ମୁଣ୍ଡା, ଗ୍ରା-ଉପରଡିହା
	ଉପରଡିହା	୨୬୩୦	ବେସରକାରୀ	ଜଳକା-୧	୦.୦୩୦	ଦଣ୍ଡଉ ମୁଣ୍ଡା, ପି-ଟଗରା ମୁଣ୍ଡା, ଗ୍ରା-ଉପରଡିହା
	ଉପରଡିହା	୨୫	ବେସରକାରୀ	ଜଳକା-୧	୦.୦୫୦	ଚାନ୍ଦ୍ର ବିଜୟଙ୍କ ଦେହେରା, ପି-ଭୋବ, ଦେବେନ୍ଦ୍ର ଦେହେରା, ପି- ଅନାମକ, ଗ୍ରା-ଉପରଡିହା
See Next Pg. - 7
